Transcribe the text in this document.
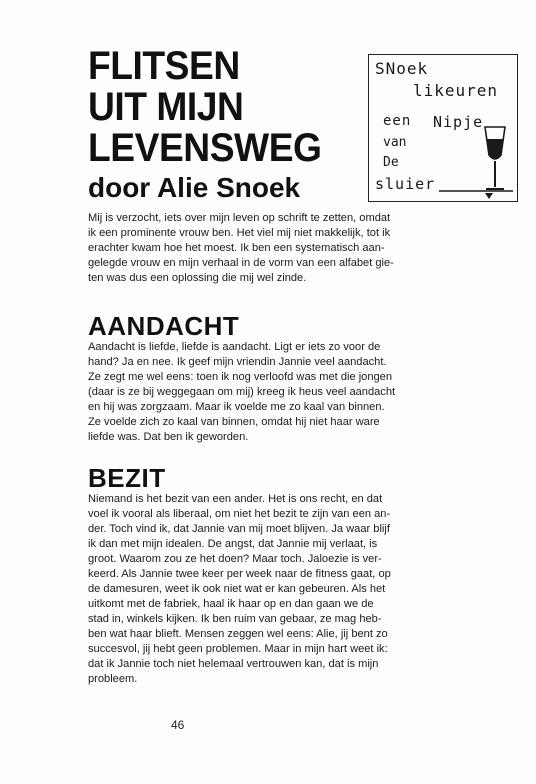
FLITSEN
UIT MIJN
LEVENSWEG
door Alie Snoek
SNoek
likeuren
een Nipje
van
De
sluier

Mij is verzocht, iets over mijn leven op schrift te zetten, omdat
ik een prominente vrouw ben. Het viel mij niet makkelijk, tot ik
erachter kwam hoe het moest. Ik ben een systematisch aan-
gelegde vrouw en mijn verhaal in de vorm van een alfabet gie-
ten was dus een oplossing die mij wel zinde.

AANDACHT

Aandacht is liefde, liefde is aandacht. Ligt er iets zo voor de
hand? Ja en nee. Ik geef mijn vriendin Jannie veel aandacht.
Ze zegt me wel eens: toen ik nog verloofd was met die jongen
(daar is ze bij weggegaan om mij) kreeg ik heus veel aandacht
en hij was zorgzaam. Maar ik voelde me zo kaal van binnen.
Ze voelde zich zo kaal van binnen, omdat hij niet haar ware
liefde was. Dat ben ik geworden.

BEZIT

Niemand is het bezit van een ander. Het is ons recht, en dat
voel ik vooral als liberaal, om niet het bezit te zijn van een an-
der. Toch vind ik, dat Jannie van mij moet blijven. Ja waar blijf
ik dan met mijn idealen. De angst, dat Jannie mij verlaat, is
groot. Waarom zou ze het doen? Maar toch. Jaloezie is ver-
keerd. Als Jannie twee keer per week naar de fitness gaat, op
de damesuren, weet ik ook niet wat er kan gebeuren. Als het
uitkomt met de fabriek, haal ik haar op en dan gaan we de
stad in, winkels kijken. Ik ben ruim van gebaar, ze mag heb-
ben wat haar blieft. Mensen zeggen wel eens: Alie, jij bent zo
succesvol, jij hebt geen problemen. Maar in mijn hart weet ik:
dat ik Jannie toch niet helemaal vertrouwen kan, dat is mijn
probleem.

46
